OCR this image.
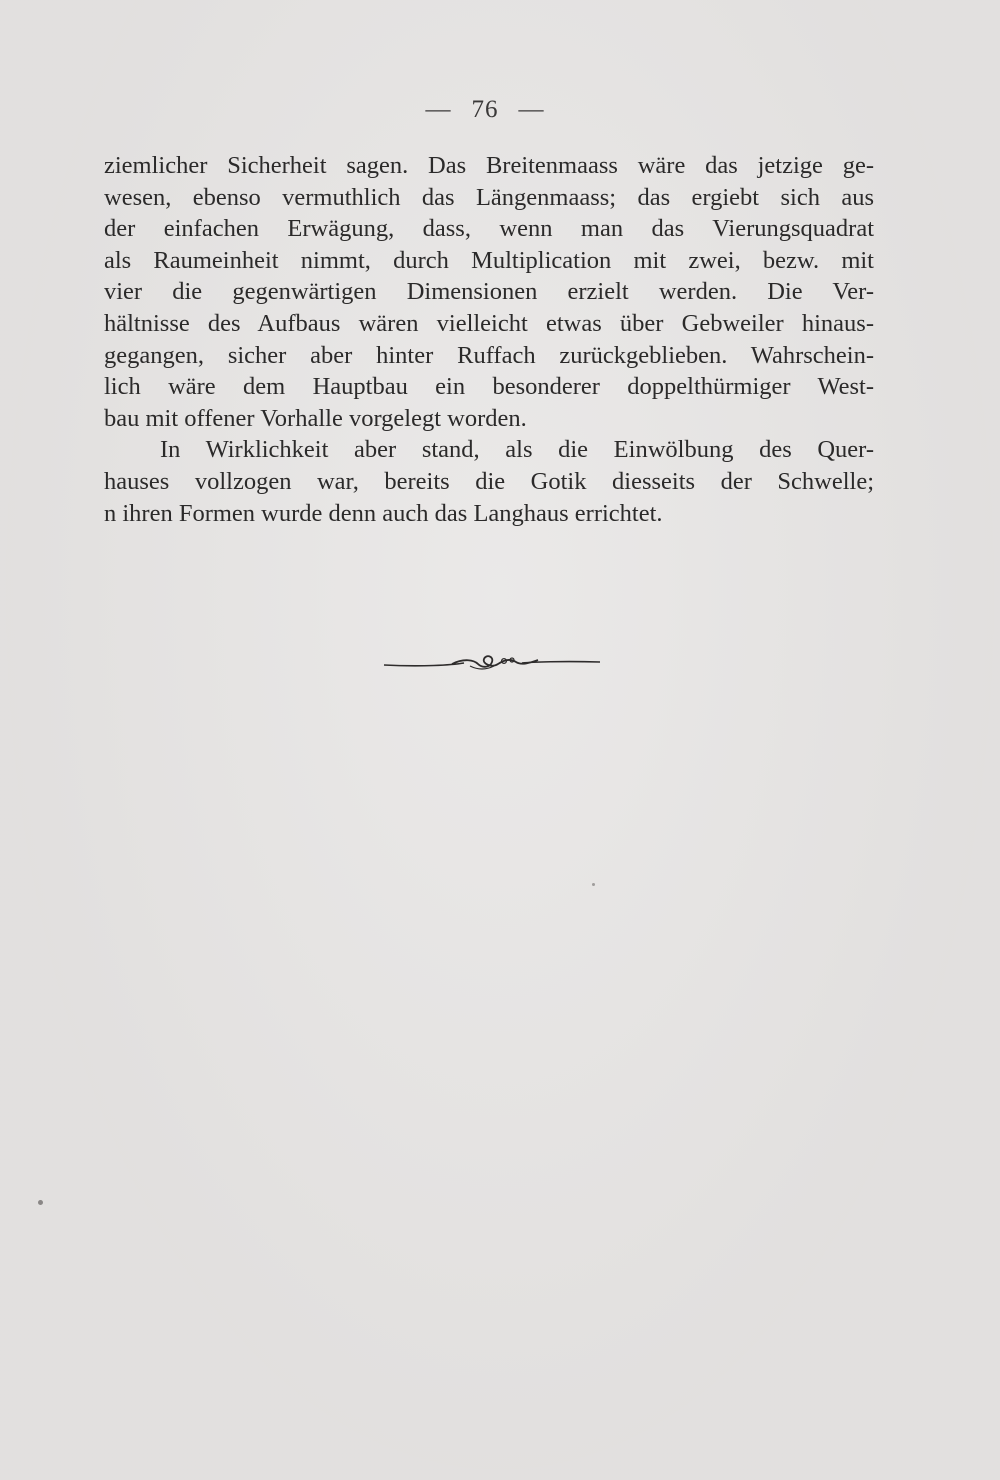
— 76 —
ziemlicher Sicherheit sagen. Das Breitenmaass wäre das jetzige ge-
wesen, ebenso vermuthlich das Längenmaass; das ergiebt sich aus
der einfachen Erwägung, dass, wenn man das Vierungsquadrat
als Raumeinheit nimmt, durch Multiplication mit zwei, bezw. mit
vier die gegenwärtigen Dimensionen erzielt werden. Die Ver-
hältnisse des Aufbaus wären vielleicht etwas über Gebweiler hinaus-
gegangen, sicher aber hinter Ruffach zurückgeblieben. Wahrschein-
lich wäre dem Hauptbau ein besonderer doppelthürmiger West-
bau mit offener Vorhalle vorgelegt worden.
In Wirklichkeit aber stand, als die Einwölbung des Quer-
hauses vollzogen war, bereits die Gotik diesseits der Schwelle;
n ihren Formen wurde denn auch das Langhaus errichtet.
